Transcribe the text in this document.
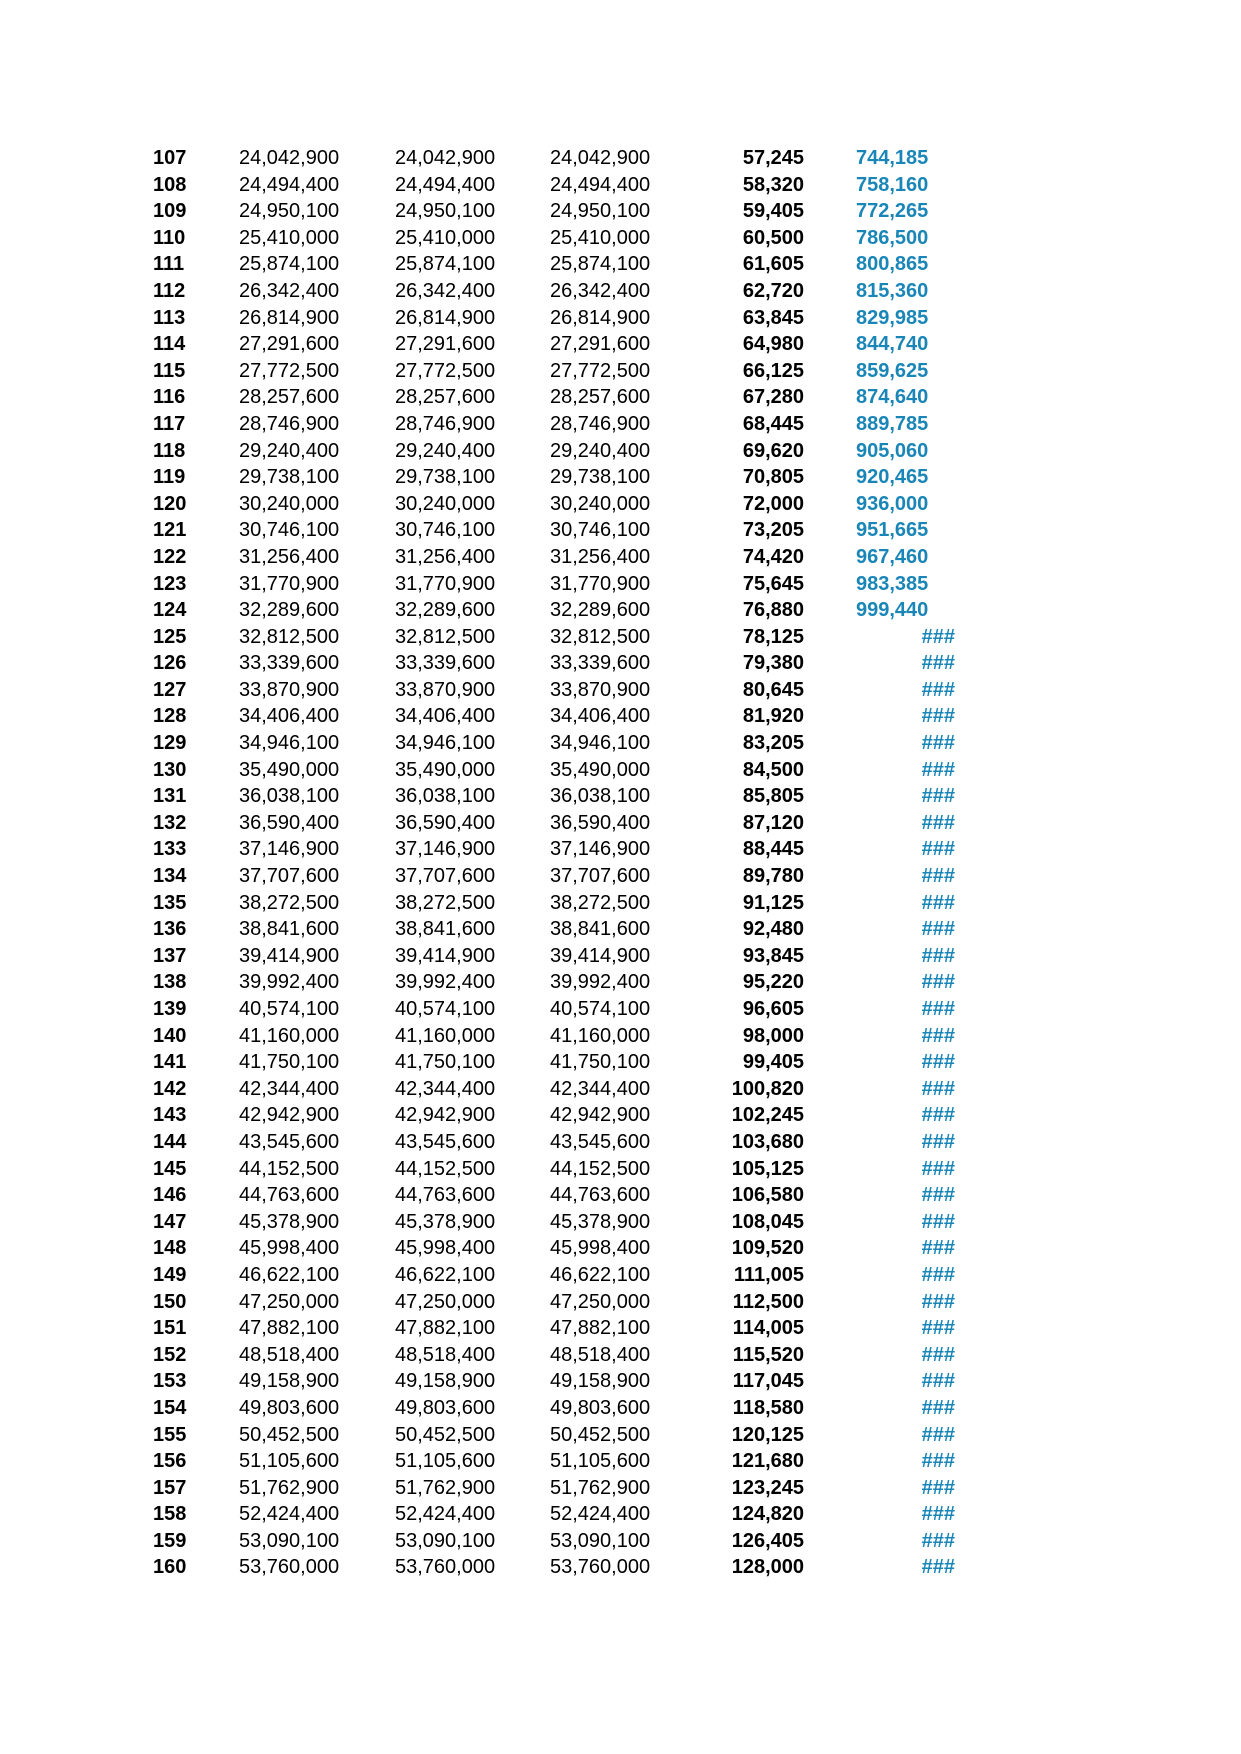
107	24,042,900	24,042,900	24,042,900	57,245	744,185
108	24,494,400	24,494,400	24,494,400	58,320	758,160
109	24,950,100	24,950,100	24,950,100	59,405	772,265
110	25,410,000	25,410,000	25,410,000	60,500	786,500
111	25,874,100	25,874,100	25,874,100	61,605	800,865
112	26,342,400	26,342,400	26,342,400	62,720	815,360
113	26,814,900	26,814,900	26,814,900	63,845	829,985
114	27,291,600	27,291,600	27,291,600	64,980	844,740
115	27,772,500	27,772,500	27,772,500	66,125	859,625
116	28,257,600	28,257,600	28,257,600	67,280	874,640
117	28,746,900	28,746,900	28,746,900	68,445	889,785
118	29,240,400	29,240,400	29,240,400	69,620	905,060
119	29,738,100	29,738,100	29,738,100	70,805	920,465
120	30,240,000	30,240,000	30,240,000	72,000	936,000
121	30,746,100	30,746,100	30,746,100	73,205	951,665
122	31,256,400	31,256,400	31,256,400	74,420	967,460
123	31,770,900	31,770,900	31,770,900	75,645	983,385
124	32,289,600	32,289,600	32,289,600	76,880	999,440
125	32,812,500	32,812,500	32,812,500	78,125	###
126	33,339,600	33,339,600	33,339,600	79,380	###
127	33,870,900	33,870,900	33,870,900	80,645	###
128	34,406,400	34,406,400	34,406,400	81,920	###
129	34,946,100	34,946,100	34,946,100	83,205	###
130	35,490,000	35,490,000	35,490,000	84,500	###
131	36,038,100	36,038,100	36,038,100	85,805	###
132	36,590,400	36,590,400	36,590,400	87,120	###
133	37,146,900	37,146,900	37,146,900	88,445	###
134	37,707,600	37,707,600	37,707,600	89,780	###
135	38,272,500	38,272,500	38,272,500	91,125	###
136	38,841,600	38,841,600	38,841,600	92,480	###
137	39,414,900	39,414,900	39,414,900	93,845	###
138	39,992,400	39,992,400	39,992,400	95,220	###
139	40,574,100	40,574,100	40,574,100	96,605	###
140	41,160,000	41,160,000	41,160,000	98,000	###
141	41,750,100	41,750,100	41,750,100	99,405	###
142	42,344,400	42,344,400	42,344,400	100,820	###
143	42,942,900	42,942,900	42,942,900	102,245	###
144	43,545,600	43,545,600	43,545,600	103,680	###
145	44,152,500	44,152,500	44,152,500	105,125	###
146	44,763,600	44,763,600	44,763,600	106,580	###
147	45,378,900	45,378,900	45,378,900	108,045	###
148	45,998,400	45,998,400	45,998,400	109,520	###
149	46,622,100	46,622,100	46,622,100	111,005	###
150	47,250,000	47,250,000	47,250,000	112,500	###
151	47,882,100	47,882,100	47,882,100	114,005	###
152	48,518,400	48,518,400	48,518,400	115,520	###
153	49,158,900	49,158,900	49,158,900	117,045	###
154	49,803,600	49,803,600	49,803,600	118,580	###
155	50,452,500	50,452,500	50,452,500	120,125	###
156	51,105,600	51,105,600	51,105,600	121,680	###
157	51,762,900	51,762,900	51,762,900	123,245	###
158	52,424,400	52,424,400	52,424,400	124,820	###
159	53,090,100	53,090,100	53,090,100	126,405	###
160	53,760,000	53,760,000	53,760,000	128,000	###
